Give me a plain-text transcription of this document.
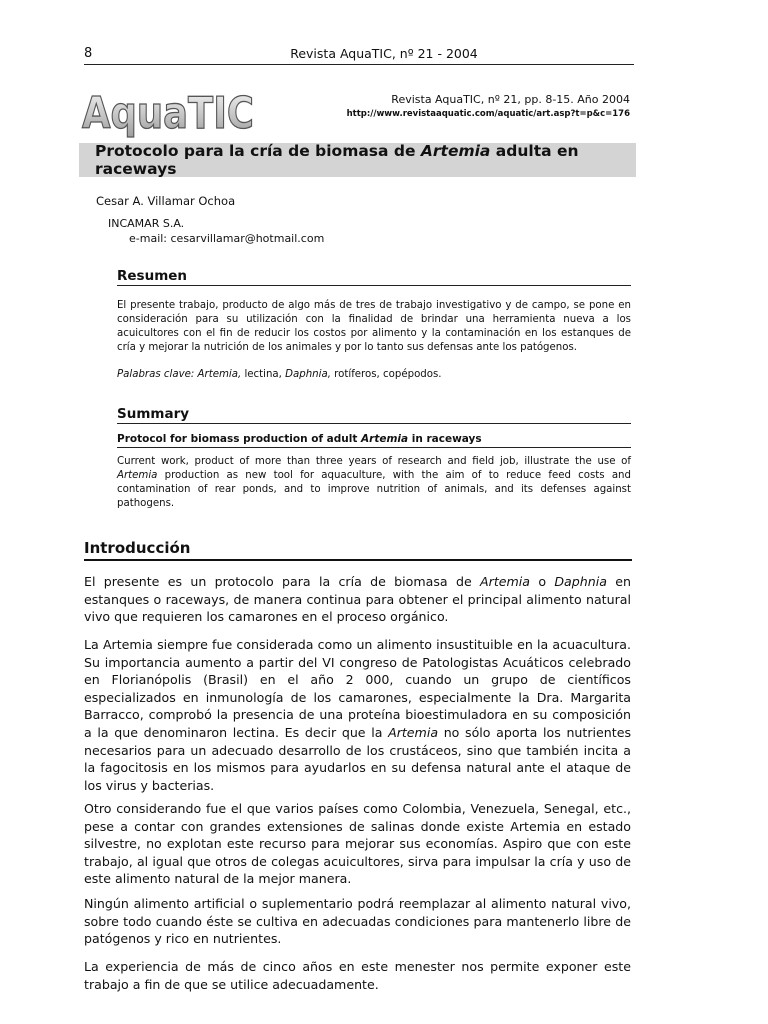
8	Revista AquaTIC, nº 21 - 2004
AquaTIC	Revista AquaTIC, nº 21, pp. 8-15. Año 2004
http://www.revistaaquatic.com/aquatic/art.asp?t=p&c=176
Protocolo para la cría de biomasa de Artemia adulta en raceways
Cesar A. Villamar Ochoa
INCAMAR S.A.
e-mail: cesarvillamar@hotmail.com
Resumen
El presente trabajo, producto de algo más de tres de trabajo investigativo y de campo, se pone en consideración para su utilización con la finalidad de brindar una herramienta nueva a los acuicultores con el fin de reducir los costos por alimento y la contaminación en los estanques de cría y mejorar la nutrición de los animales y por lo tanto sus defensas ante los patógenos.
Palabras clave: Artemia, lectina, Daphnia, rotíferos, copépodos.
Summary
Protocol for biomass production of adult Artemia in raceways
Current work, product of more than three years of research and field job, illustrate the use of Artemia production as new tool for aquaculture, with the aim of to reduce feed costs and contamination of rear ponds, and to improve nutrition of animals, and its defenses against pathogens.
Introducción
El presente es un protocolo para la cría de biomasa de Artemia o Daphnia en estanques o raceways, de manera continua para obtener el principal alimento natural vivo que requieren los camarones en el proceso orgánico.
La Artemia siempre fue considerada como un alimento insustituible en la acuacultura. Su importancia aumento a partir del VI congreso de Patologistas Acuáticos celebrado en Florianópolis (Brasil) en el año 2 000, cuando un grupo de científicos especializados en inmunología de los camarones, especialmente la Dra. Margarita Barracco, comprobó la presencia de una proteína bioestimuladora en su composición a la que denominaron lectina. Es decir que la Artemia no sólo aporta los nutrientes necesarios para un adecuado desarrollo de los crustáceos, sino que también incita a la fagocitosis en los mismos para ayudarlos en su defensa natural ante el ataque de los virus y bacterias.
Otro considerando fue el que varios países como Colombia, Venezuela, Senegal, etc., pese a contar con grandes extensiones de salinas donde existe Artemia en estado silvestre, no explotan este recurso para mejorar sus economías. Aspiro que con este trabajo, al igual que otros de colegas acuicultores, sirva para impulsar la cría y uso de este alimento natural de la mejor manera.
Ningún alimento artificial o suplementario podrá reemplazar al alimento natural vivo, sobre todo cuando éste se cultiva en adecuadas condiciones para mantenerlo libre de patógenos y rico en nutrientes.
La experiencia de más de cinco años en este menester nos permite exponer este trabajo a fin de que se utilice adecuadamente.
